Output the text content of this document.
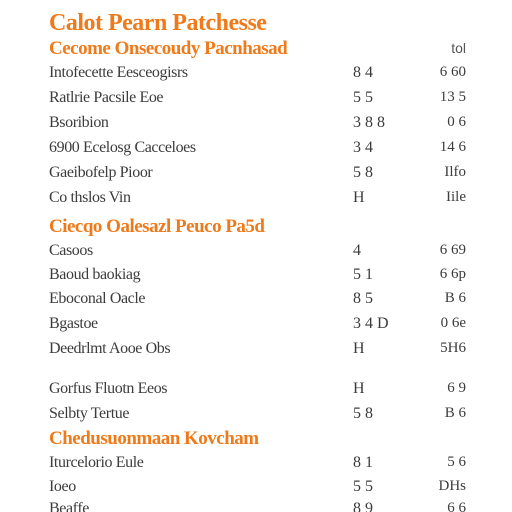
Calot Pearn Patchesse
Cecome Onsecoudy Pacnhasad	tol
Intofecette Eesceogisrs	8 4	6 60
Ratlrie Pacsile Eoe	5 5	13 5
Bsoribion	3 8 8	0 6
6900 Ecelosg Cacceloes	3 4	14 6
Gaeibofelp Pioor	5 8	Ilfo
Co thslos Vin	H	Iile
Ciecqo Oalesazl Peuco Pa5d
Casoos	4	6 69
Baoud baokiag	5 1	6 6p
Eboconal Oacle	8 5	B 6
Bgastoe	3 4 D	0 6e
Deedrlmt Aooe Obs	H	5H6
Gorfus Fluotn Eeos	H	6 9
Selbty Tertue	5 8	B 6
Chedusuonmaan Kovcham
Iturcelorio Eule	8 1	5 6
Ioeo	5 5	DHs
Beaffe	8 9	6 6
